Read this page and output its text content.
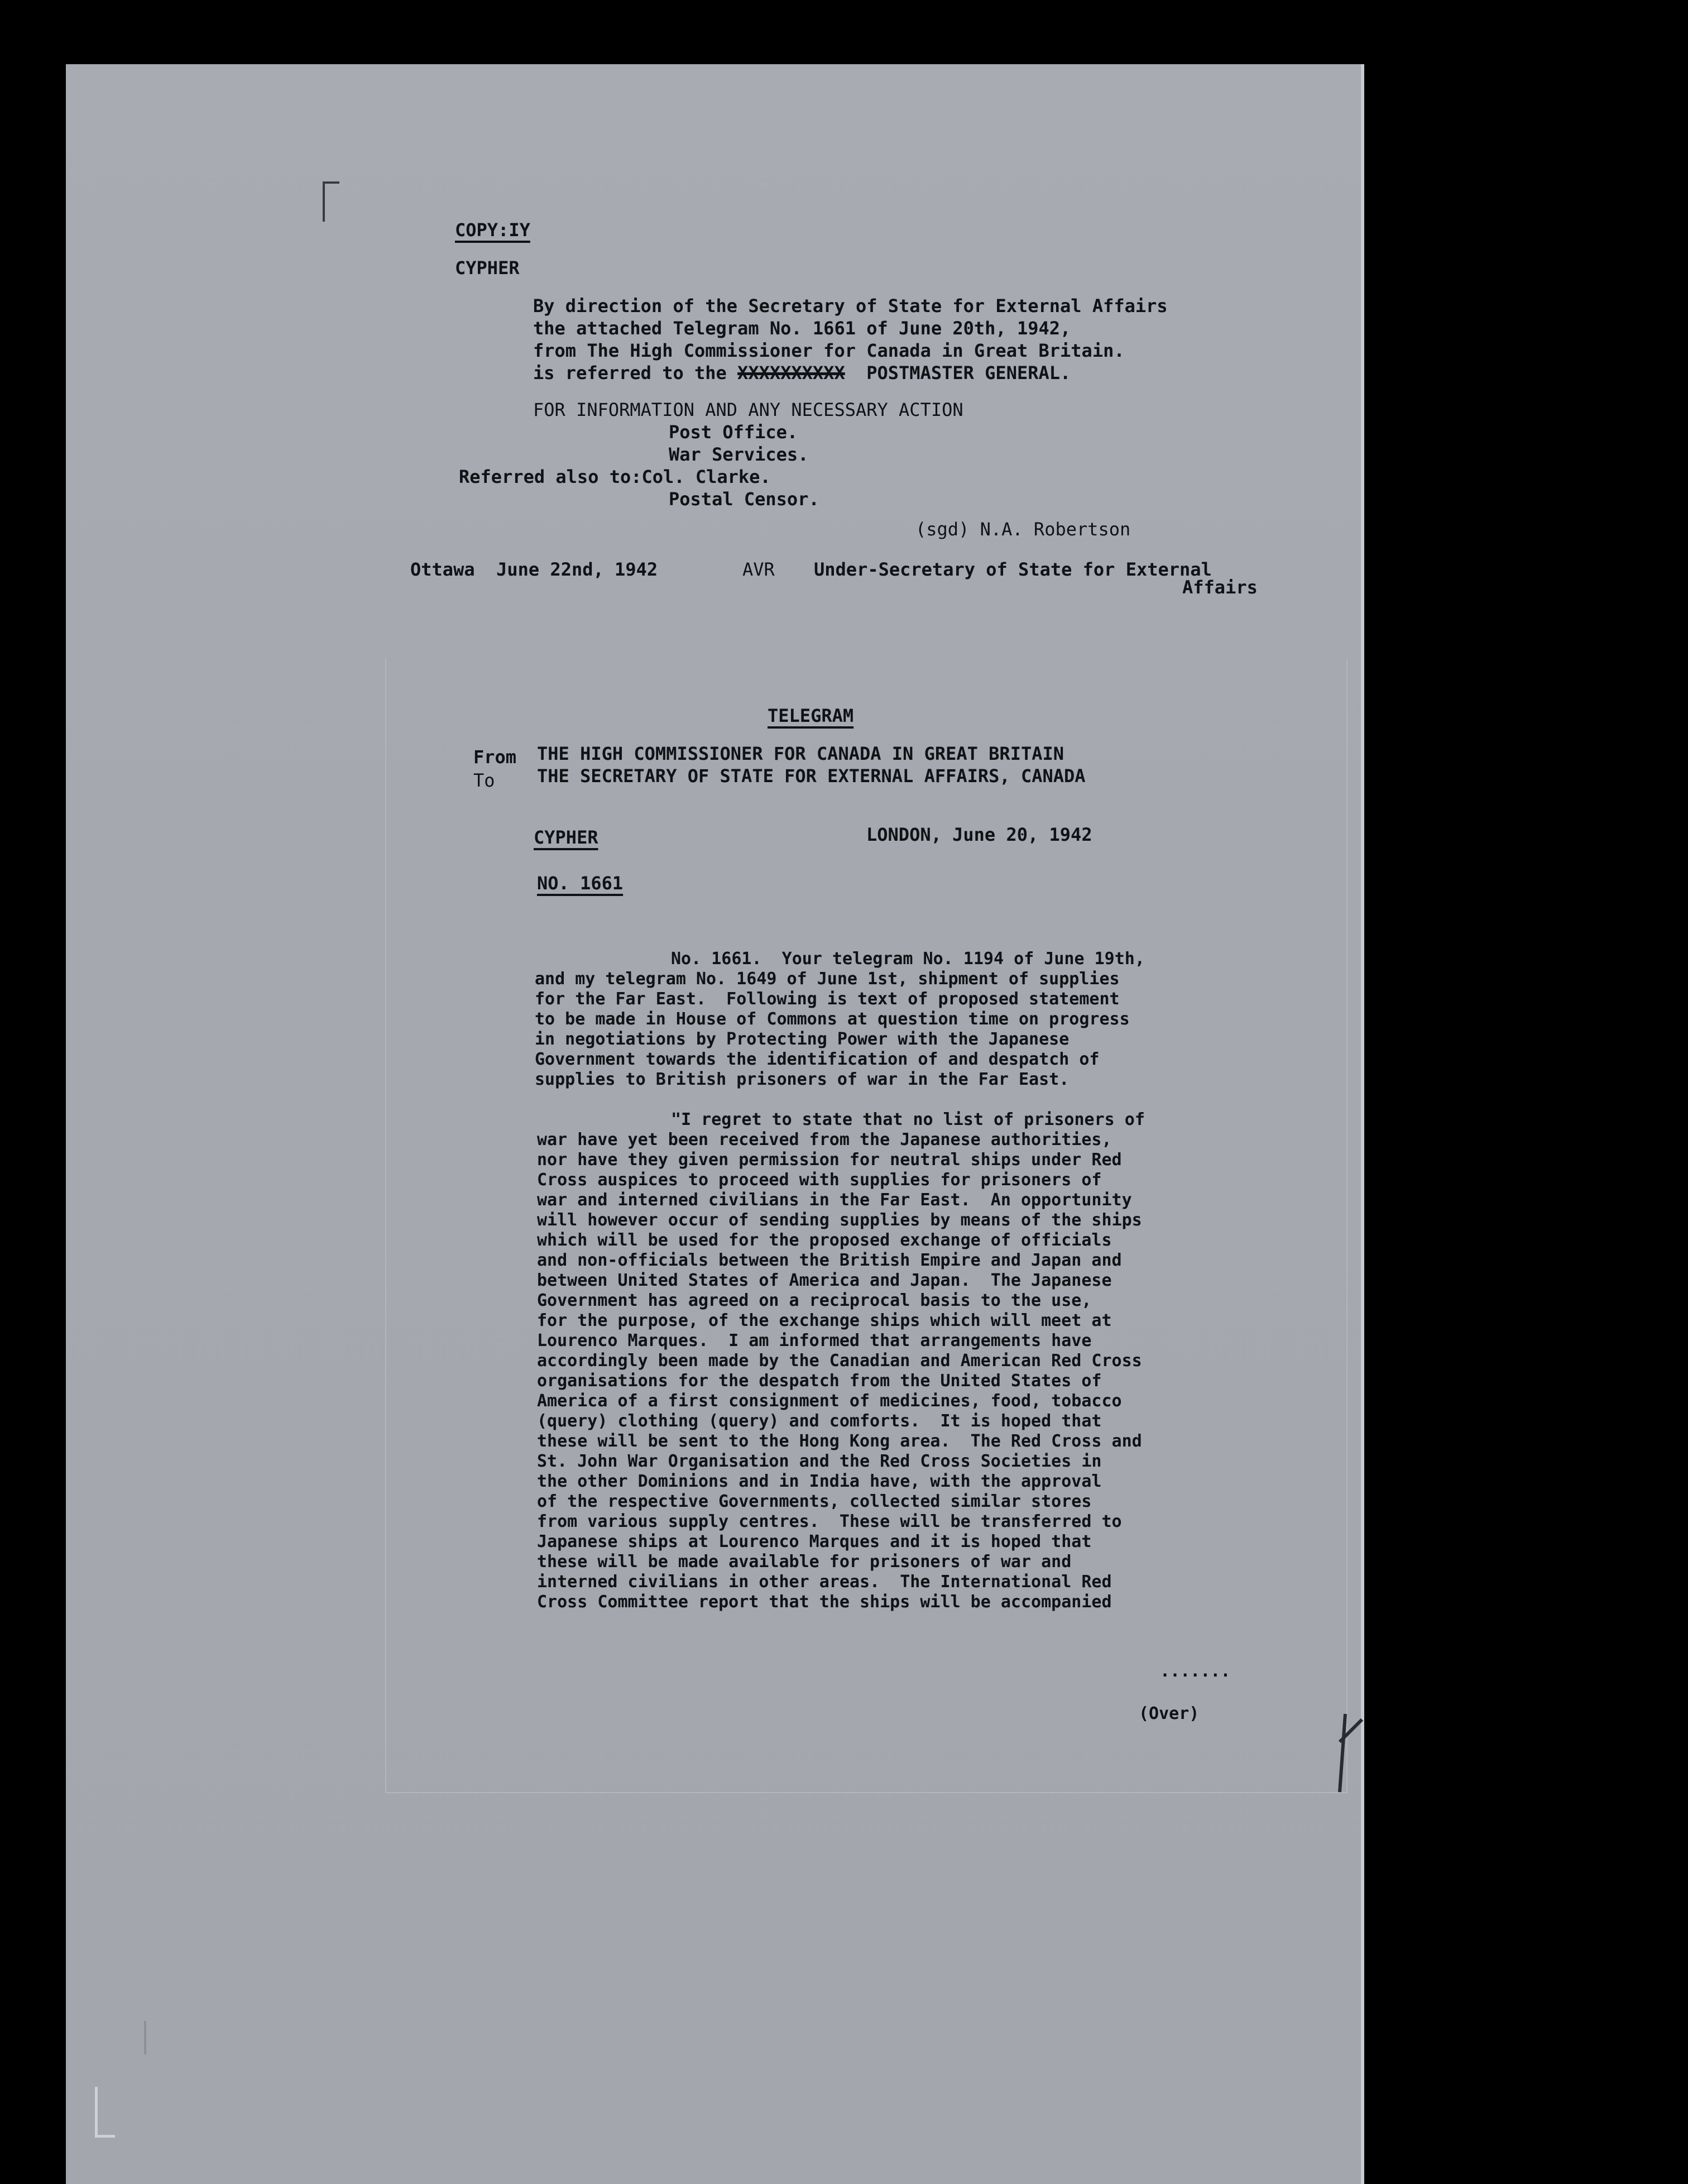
COPY:IY

CYPHER

By direction of the Secretary of State for External Affairs

the attached Telegram No. 1661 of June 20th, 1942,

from The High Commissioner for Canada in Great Britain.

is referred to the XXXXXXXXXX  POSTMASTER GENERAL.

FOR INFORMATION AND ANY NECESSARY ACTION

Post Office.

War Services.

Referred also to:Col. Clarke.

Postal Censor.

(sgd) N.A. Robertson

Ottawa  June 22nd, 1942	AVR Under-Secretary of State for External

Affairs

TELEGRAM

From THE HIGH COMMISSIONER FOR CANADA IN GREAT BRITAIN

To THE SECRETARY OF STATE FOR EXTERNAL AFFAIRS, CANADA

CYPHER	LONDON, June 20, 1942

NO. 1661

No. 1661.  Your telegram No. 1194 of June 19th,

and my telegram No. 1649 of June 1st, shipment of supplies

for the Far East.  Following is text of proposed statement

to be made in House of Commons at question time on progress

in negotiations by Protecting Power with the Japanese

Government towards the identification of and despatch of

supplies to British prisoners of war in the Far East.

"I regret to state that no list of prisoners of

war have yet been received from the Japanese authorities,

nor have they given permission for neutral ships under Red

Cross auspices to proceed with supplies for prisoners of

war and interned civilians in the Far East.  An opportunity

will however occur of sending supplies by means of the ships

which will be used for the proposed exchange of officials

and non-officials between the British Empire and Japan and

between United States of America and Japan.  The Japanese

Government has agreed on a reciprocal basis to the use,

for the purpose, of the exchange ships which will meet at

Lourenco Marques.  I am informed that arrangements have

accordingly been made by the Canadian and American Red Cross

organisations for the despatch from the United States of

America of a first consignment of medicines, food, tobacco

(query) clothing (query) and comforts.  It is hoped that

these will be sent to the Hong Kong area.  The Red Cross and

St. John War Organisation and the Red Cross Societies in

the other Dominions and in India have, with the approval

of the respective Governments, collected similar stores

from various supply centres.  These will be transferred to

Japanese ships at Lourenco Marques and it is hoped that

these will be made available for prisoners of war and

interned civilians in other areas.  The International Red

Cross Committee report that the ships will be accompanied

.......

(Over)
